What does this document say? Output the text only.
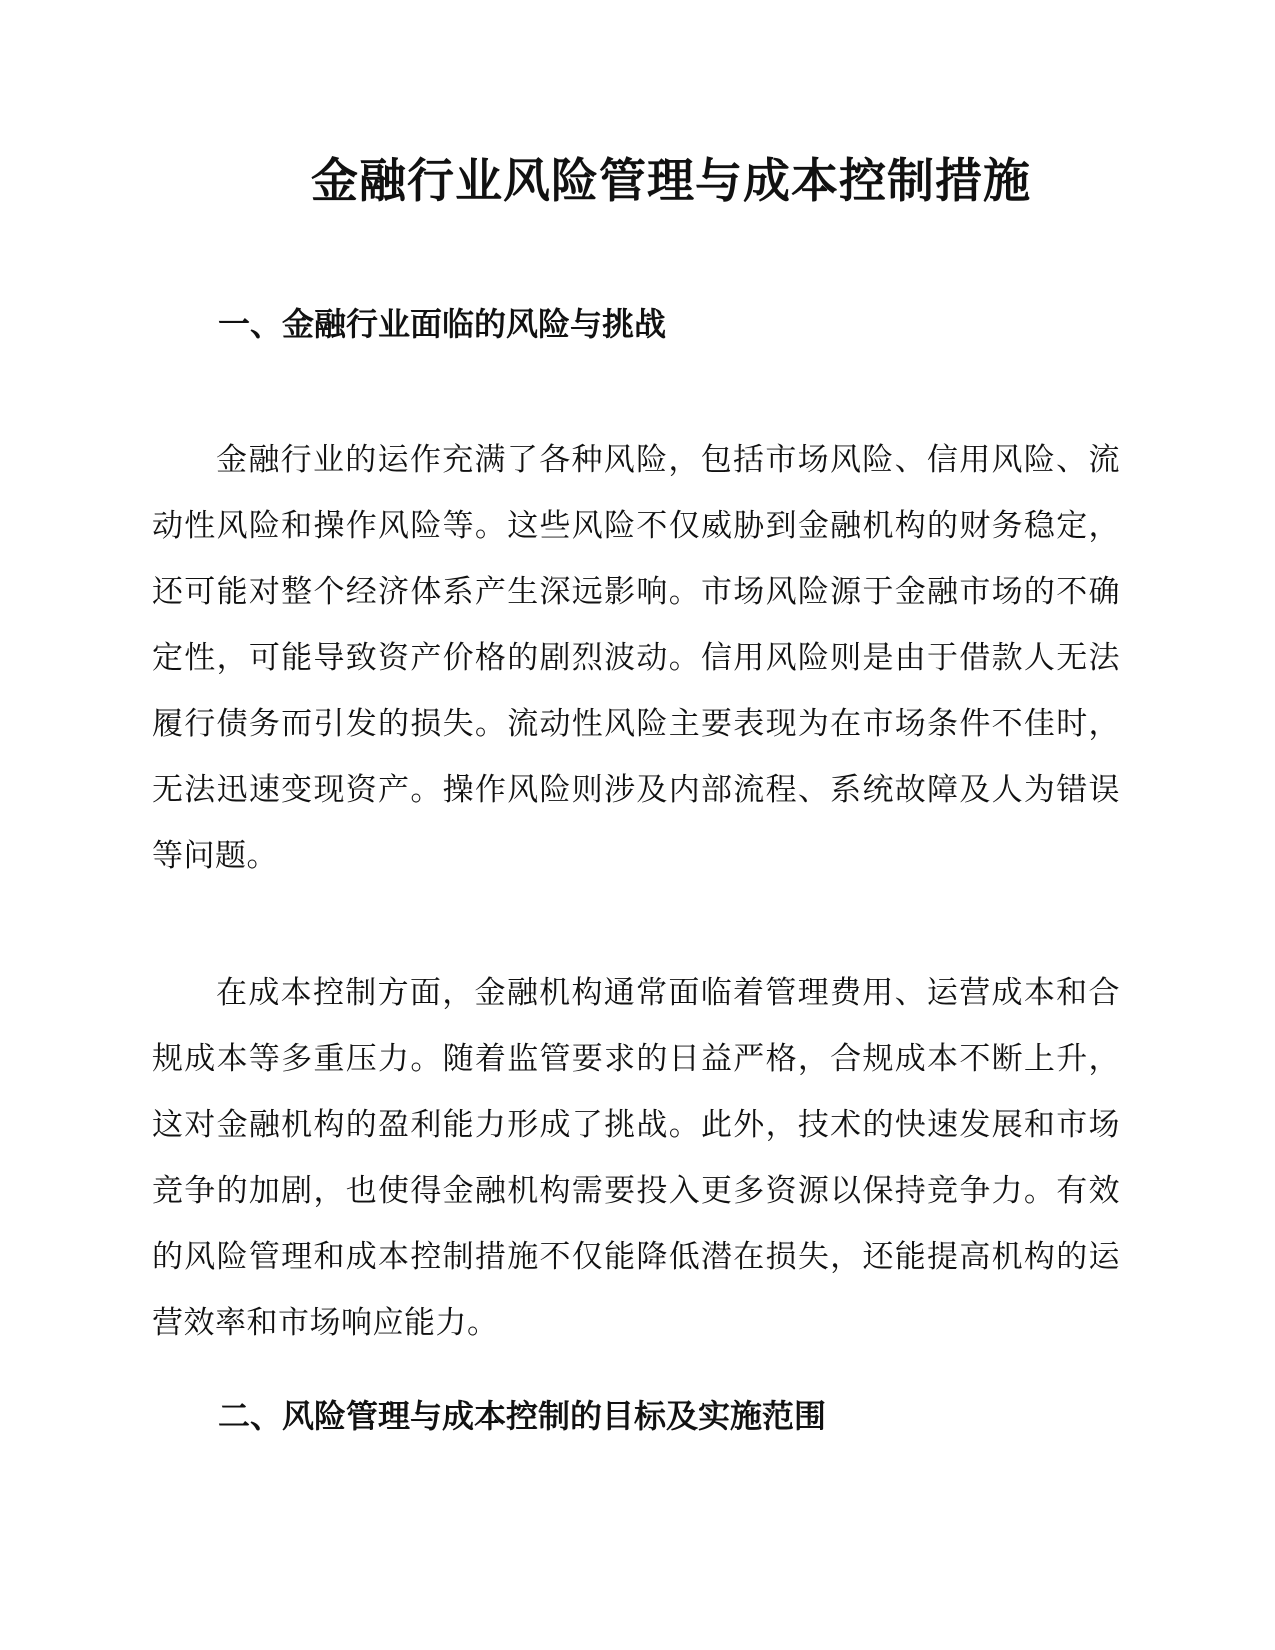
金融行业风险管理与成本控制措施
一、金融行业面临的风险与挑战

金融行业的运作充满了各种风险，包括市场风险、信用风险、流动性风险和操作风险等。这些风险不仅威胁到金融机构的财务稳定，还可能对整个经济体系产生深远影响。市场风险源于金融市场的不确定性，可能导致资产价格的剧烈波动。信用风险则是由于借款人无法履行债务而引发的损失。流动性风险主要表现为在市场条件不佳时，无法迅速变现资产。操作风险则涉及内部流程、系统故障及人为错误等问题。

在成本控制方面，金融机构通常面临着管理费用、运营成本和合规成本等多重压力。随着监管要求的日益严格，合规成本不断上升，这对金融机构的盈利能力形成了挑战。此外，技术的快速发展和市场竞争的加剧，也使得金融机构需要投入更多资源以保持竞争力。有效的风险管理和成本控制措施不仅能降低潜在损失，还能提高机构的运营效率和市场响应能力。

二、风险管理与成本控制的目标及实施范围
